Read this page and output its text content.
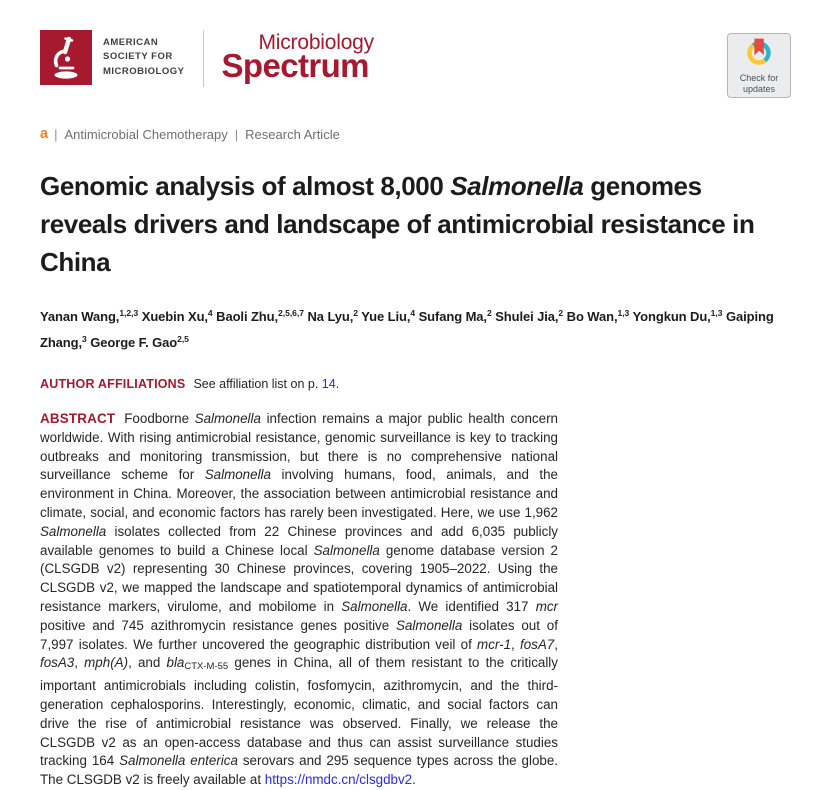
AMERICAN
SOCIETY FOR
MICROBIOLOGY
Microbiology
Spectrum	Check for
updates
a | Antimicrobial Chemotherapy | Research Article
Genomic analysis of almost 8,000 Salmonella genomes reveals drivers and landscape of antimicrobial resistance in China
Yanan Wang,$^{1,2,3}$ Xuebin Xu,$^4$ Baoli Zhu,$^{2,5,6,7}$ Na Lyu,$^2$ Yue Liu,$^4$ Sufang Ma,$^2$ Shulei Jia,$^2$ Bo Wan,$^{1,3}$ Yongkun Du,$^{1,3}$ Gaiping Zhang,$^3$ George F. Gao$^{2,5}$
AUTHOR AFFILIATIONS See affiliation list on p. 14.
ABSTRACT Foodborne Salmonella infection remains a major public health concern worldwide. With rising antimicrobial resistance, genomic surveillance is key to tracking outbreaks and monitoring transmission, but there is no comprehensive national surveillance scheme for Salmonella involving humans, food, animals, and the environment in China. Moreover, the association between antimicrobial resistance and climate, social, and economic factors has rarely been investigated. Here, we use 1,962 Salmonella isolates collected from 22 Chinese provinces and add 6,035 publicly available genomes to build a Chinese local Salmonella genome database version 2 (CLSGDB v2) representing 30 Chinese provinces, covering 1905–2022. Using the CLSGDB v2, we mapped the landscape and spatiotemporal dynamics of antimicrobial resistance markers, virulome, and mobilome in Salmonella. We identified 317 mcr positive and 745 azithromycin resistance genes positive Salmonella isolates out of 7,997 isolates. We further uncovered the geographic distribution veil of mcr-1, fosA7, fosA3, mph(A), and bla$_{CTX-M-55}$ genes in China, all of them resistant to the critically important antimicrobials including colistin, fosfomycin, azithromycin, and the third-generation cephalosporins. Interestingly, economic, climatic, and social factors can drive the rise of antimicrobial resistance was observed. Finally, we release the CLSGDB v2 as an open-access database and thus can assist surveillance studies tracking 164 Salmonella enterica serovars and 295 sequence types across the globe. The CLSGDB v2 is freely available at https://nmdc.cn/clsgdbv2.
